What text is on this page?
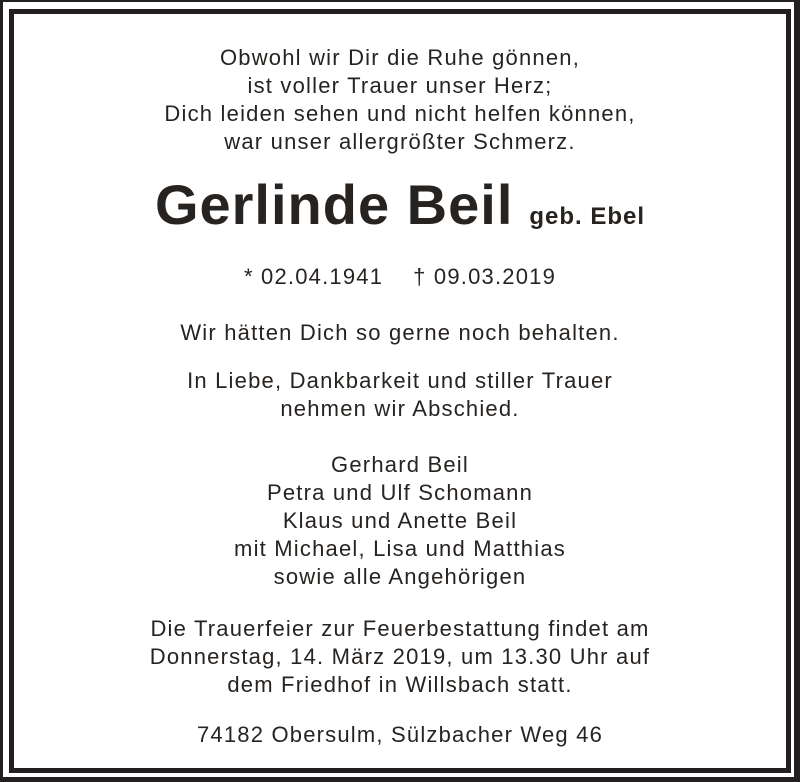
Obwohl wir Dir die Ruhe gönnen,

ist voller Trauer unser Herz;

Dich leiden sehen und nicht helfen können,

war unser allergrößter Schmerz.

Gerlinde Beil geb. Ebel
* 02.04.1941 † 09.03.2019

Wir hätten Dich so gerne noch behalten.

In Liebe, Dankbarkeit und stiller Trauer

nehmen wir Abschied.

Gerhard Beil

Petra und Ulf Schomann

Klaus und Anette Beil

mit Michael, Lisa und Matthias

sowie alle Angehörigen

Die Trauerfeier zur Feuerbestattung findet am

Donnerstag, 14. März 2019, um 13.30 Uhr auf

dem Friedhof in Willsbach statt.

74182 Obersulm, Sülzbacher Weg 46
